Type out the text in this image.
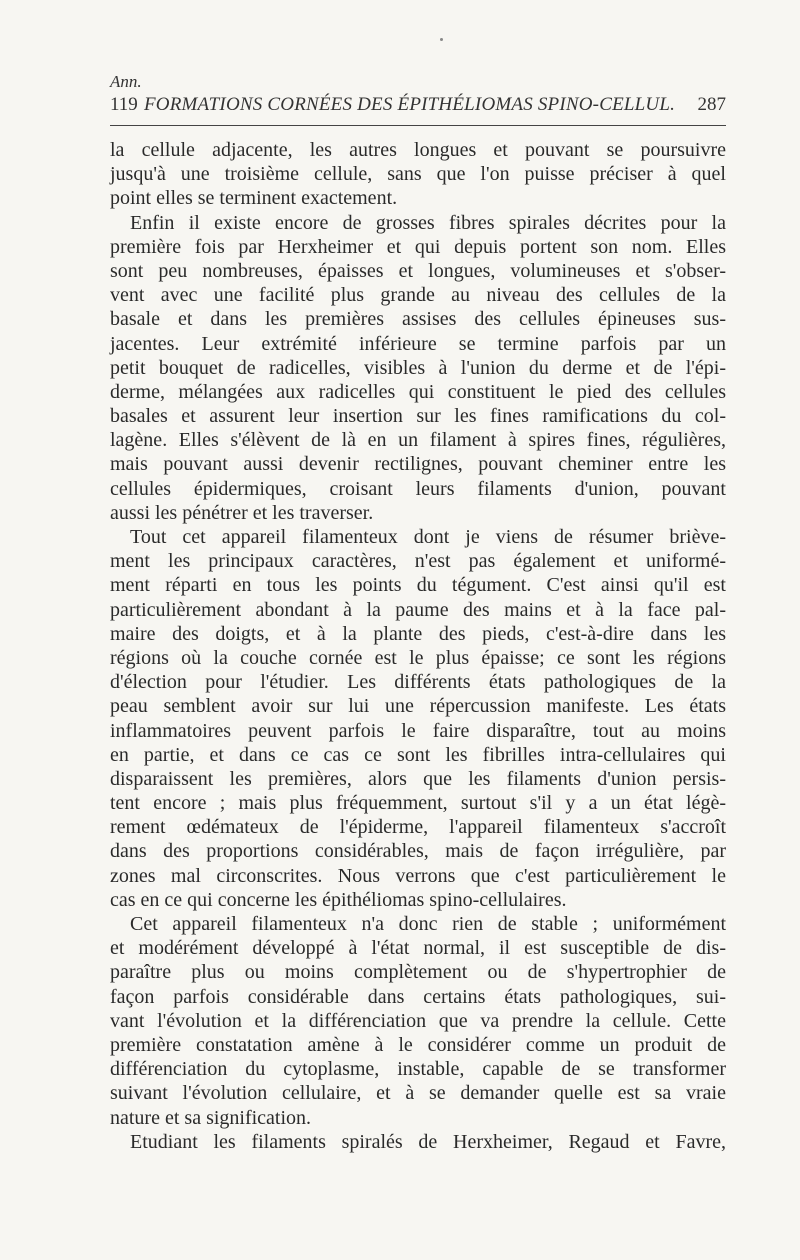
Ann.
119 FORMATIONS CORNÉES DES ÉPITHÉLIOMAS SPINO-CELLUL.	287
la cellule adjacente, les autres longues et pouvant se poursuivre
jusqu'à une troisième cellule, sans que l'on puisse préciser à quel
point elles se terminent exactement.
Enfin il existe encore de grosses fibres spirales décrites pour la
première fois par Herxheimer et qui depuis portent son nom. Elles
sont peu nombreuses, épaisses et longues, volumineuses et s'obser-
vent avec une facilité plus grande au niveau des cellules de la
basale et dans les premières assises des cellules épineuses sus-
jacentes. Leur extrémité inférieure se termine parfois par un
petit bouquet de radicelles, visibles à l'union du derme et de l'épi-
derme, mélangées aux radicelles qui constituent le pied des cellules
basales et assurent leur insertion sur les fines ramifications du col-
lagène. Elles s'élèvent de là en un filament à spires fines, régulières,
mais pouvant aussi devenir rectilignes, pouvant cheminer entre les
cellules épidermiques, croisant leurs filaments d'union, pouvant
aussi les pénétrer et les traverser.
Tout cet appareil filamenteux dont je viens de résumer briève-
ment les principaux caractères, n'est pas également et uniformé-
ment réparti en tous les points du tégument. C'est ainsi qu'il est
particulièrement abondant à la paume des mains et à la face pal-
maire des doigts, et à la plante des pieds, c'est-à-dire dans les
régions où la couche cornée est le plus épaisse; ce sont les régions
d'élection pour l'étudier. Les différents états pathologiques de la
peau semblent avoir sur lui une répercussion manifeste. Les états
inflammatoires peuvent parfois le faire disparaître, tout au moins
en partie, et dans ce cas ce sont les fibrilles intra-cellulaires qui
disparaissent les premières, alors que les filaments d'union persis-
tent encore ; mais plus fréquemment, surtout s'il y a un état légè-
rement œdémateux de l'épiderme, l'appareil filamenteux s'accroît
dans des proportions considérables, mais de façon irrégulière, par
zones mal circonscrites. Nous verrons que c'est particulièrement le
cas en ce qui concerne les épithéliomas spino-cellulaires.
Cet appareil filamenteux n'a donc rien de stable ; uniformément
et modérément développé à l'état normal, il est susceptible de dis-
paraître plus ou moins complètement ou de s'hypertrophier de
façon parfois considérable dans certains états pathologiques, sui-
vant l'évolution et la différenciation que va prendre la cellule. Cette
première constatation amène à le considérer comme un produit de
différenciation du cytoplasme, instable, capable de se transformer
suivant l'évolution cellulaire, et à se demander quelle est sa vraie
nature et sa signification.
Etudiant les filaments spiralés de Herxheimer, Regaud et Favre,
